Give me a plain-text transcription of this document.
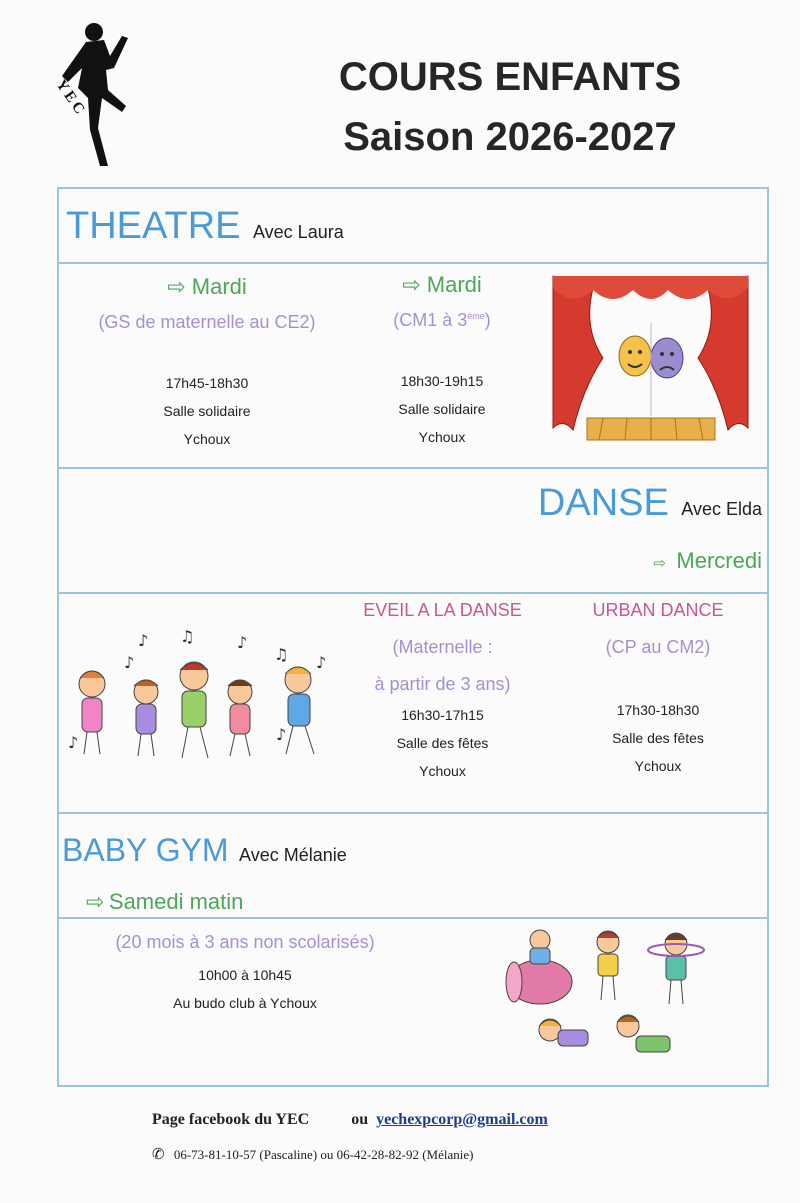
YEC	COURS ENFANTS
Saison 2026-2027
THEATRE Avec Laura
⇨ Mardi
(GS de maternelle au CE2)
17h45-18h30
Salle solidaire
Ychoux
⇨ Mardi
(CM1 à 3ème)
18h30-19h15
Salle solidaire
Ychoux
DANSE Avec Elda
⇨ Mercredi
EVEIL A LA DANSE
(Maternelle :
à partir de 3 ans)
16h30-17h15
Salle des fêtes
Ychoux
URBAN DANCE
(CP au CM2)
17h30-18h30
Salle des fêtes
Ychoux
♪ ♫	♪
♫ ♪
♪
♪	♪
BABY GYM Avec Mélanie
⇨ Samedi matin
(20 mois à 3 ans non scolarisés)
10h00 à 10h45
Au budo club à Ychoux
Page facebook du YEC	ou yechexpcorp@gmail.com
✆ 06-73-81-10-57 (Pascaline) ou 06-42-28-82-92 (Mélanie)
